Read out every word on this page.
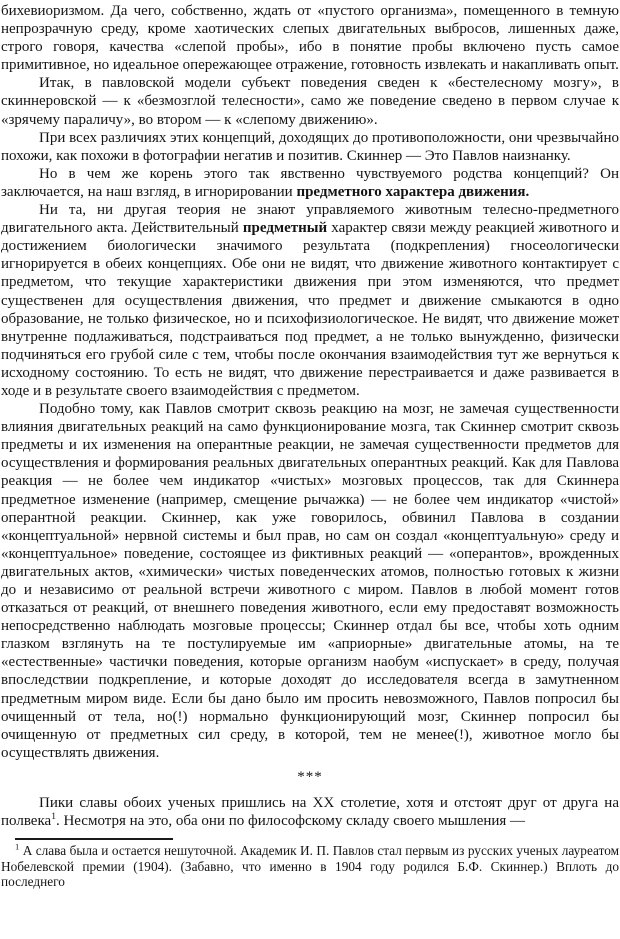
бихевиоризмом. Да чего, собственно, ждать от «пустого организма», помещенного в темную непрозрачную среду, кроме хаотических слепых двигательных выбросов, лишенных даже, строго говоря, качества «слепой пробы», ибо в понятие пробы включено пусть самое примитивное, но идеальное опережающее отражение, готовность извлекать и накапливать опыт.

Итак, в павловской модели субъект поведения сведен к «бестелесному мозгу», в скиннеровской — к «безмозглой телесности», само же поведение сведено в первом случае к «зрячему параличу», во втором — к «слепому движению».

При всех различиях этих концепций, доходящих до противоположности, они чрезвычайно похожи, как похожи в фотографии негатив и позитив. Скиннер — Это Павлов наизнанку.

Но в чем же корень этого так явственно чувствуемого родства концепций? Он заключается, на наш взгляд, в игнорировании предметного характера движения.

Ни та, ни другая теория не знают управляемого животным телесно-предметного двигательного акта. Действительный предметный характер связи между реакцией животного и достижением биологически значимого результата (подкрепления) гносеологически игнорируется в обеих концепциях. Обе они не видят, что движение животного контактирует с предметом, что текущие характеристики движения при этом изменяются, что предмет существенен для осуществления движения, что предмет и движение смыкаются в одно образование, не только физическое, но и психофизиологическое. Не видят, что движение может внутренне подлаживаться, подстраиваться под предмет, а не только вынужденно, физически подчиняться его грубой силе с тем, чтобы после окончания взаимодействия тут же вернуться к исходному состоянию. То есть не видят, что движение перестраивается и даже развивается в ходе и в результате своего взаимодействия с предметом.

Подобно тому, как Павлов смотрит сквозь реакцию на мозг, не замечая существенности влияния двигательных реакций на само функционирование мозга, так Скиннер смотрит сквозь предметы и их изменения на оперантные реакции, не замечая существенности предметов для осуществления и формирования реальных двигательных оперантных реакций. Как для Павлова реакция — не более чем индикатор «чистых» мозговых процессов, так для Скиннера предметное изменение (например, смещение рычажка) — не более чем индикатор «чистой» оперантной реакции. Скиннер, как уже говорилось, обвинил Павлова в создании «концептуальной» нервной системы и был прав, но сам он создал «концептуальную» среду и «концептуальное» поведение, состоящее из фиктивных реакций — «оперантов», врожденных двигательных актов, «химически» чистых поведенческих атомов, полностью готовых к жизни до и независимо от реальной встречи животного с миром. Павлов в любой момент готов отказаться от реакций, от внешнего поведения животного, если ему предоставят возможность непосредственно наблюдать мозговые процессы; Скиннер отдал бы все, чтобы хоть одним глазком взглянуть на те постулируемые им «априорные» двигательные атомы, на те «естественные» частички поведения, которые организм наобум «испускает» в среду, получая впоследствии подкрепление, и которые доходят до исследователя всегда в замутненном предметным миром виде. Если бы дано было им просить невозможного, Павлов попросил бы очищенный от тела, но(!) нормально функционирующий мозг, Скиннер попросил бы очищенную от предметных сил среду, в которой, тем не менее(!), животное могло бы осуществлять движения.

***

Пики славы обоих ученых пришлись на XX столетие, хотя и отстоят друг от друга на полвека$^1$. Несмотря на это, оба они по философскому складу своего мышления —

$^1$ А слава была и остается нешуточной. Академик И. П. Павлов стал первым из русских ученых лауреатом Нобелевской премии (1904). (Забавно, что именно в 1904 году родился Б.Ф. Скиннер.) Вплоть до последнего
